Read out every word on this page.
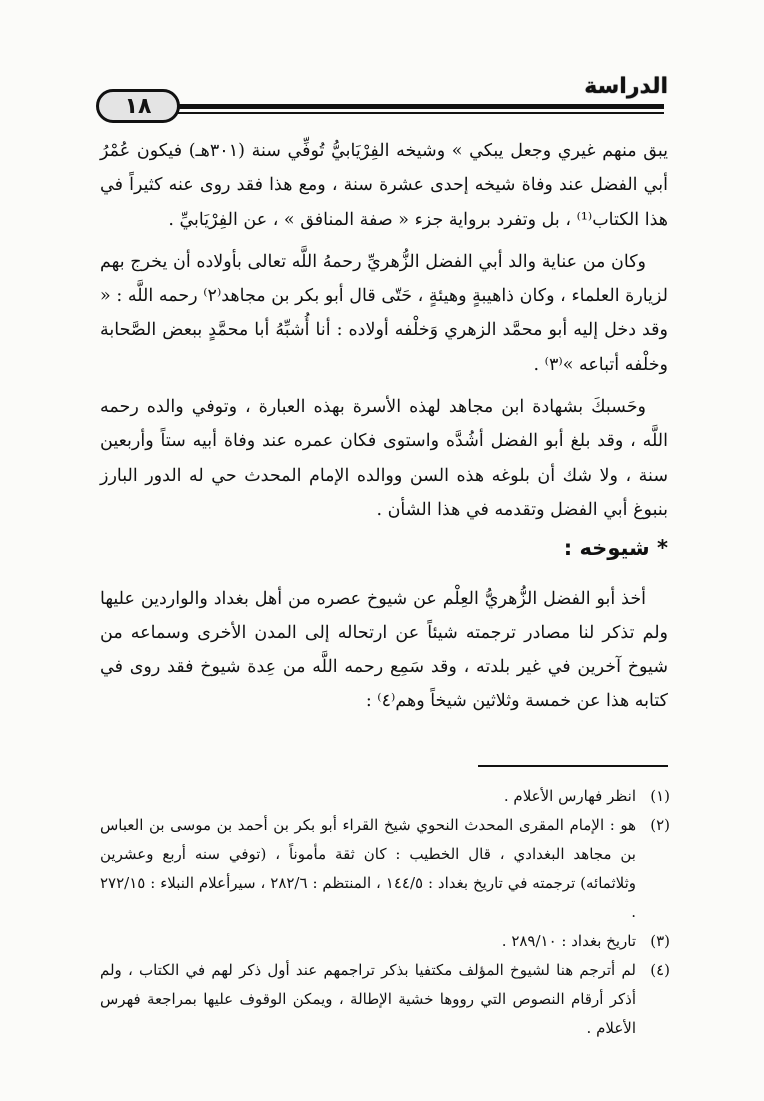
١٨
الدراسة

يبق منهم غيري وجعل يبكي » وشيخه الفِرْيَابيُّ تُوفِّي سنة (٣٠١هـ) فيكون عُمْرُ أبي الفضل عند وفاة شيخه إحدى عشرة سنة ، ومع هذا فقد روى عنه كثيراً في هذا الكتاب⁽¹⁾ ، بل وتفرد برواية جزء « صفة المنافق » ، عن الفِرْيَابيِّ .

وكان من عناية والد أبي الفضل الزُّهريِّ رحمهُ اللَّه تعالى بأولاده أن يخرج بهم لزيارة العلماء ، وكان ذاهيبةٍ وهيئةٍ ، حَتّى قال أبو بكر بن مجاهد⁽٢⁾ رحمه اللَّه : « وقد دخل إليه أبو محمَّد الزهري وَخلْفه أولاده : أنا أُشبِّهُ أبا محمَّدٍ ببعض الصَّحابة وخلْفه أتباعه »⁽٣⁾ .

وحَسبكَ بشهادة ابن مجاهد لهذه الأسرة بهذه العبارة ، وتوفي والده رحمه اللَّه ، وقد بلغ أبو الفضل أشُدَّه واستوى فكان عمره عند وفاة أبيه ستاً وأربعين سنة ، ولا شك أن بلوغه هذه السن ووالده الإمام المحدث حي له الدور البارز بنبوغ أبي الفضل وتقدمه في هذا الشأن .

* شيوخه :

أخذ أبو الفضل الزُّهريُّ العِلْم عن شيوخ عصره من أهل بغداد والواردين عليها ولم تذكر لنا مصادر ترجمته شيئاً عن ارتحاله إلى المدن الأخرى وسماعه من شيوخ آخرين في غير بلدته ، وقد سَمِع رحمه اللَّه من عِدة شيوخ فقد روى في كتابه هذا عن خمسة وثلاثين شيخاً وهم⁽٤⁾ :

(١)
انظر فهارس الأعلام .
(٢)
هو : الإمام المقرى المحدث النحوي شيخ القراء أبو بكر بن أحمد بن موسى بن العباس بن مجاهد البغدادي ، قال الخطيب : كان ثقة مأموناً ، (توفي سنه أربع وعشرين وثلاثمائه) ترجمته في تاريخ بغداد : ١٤٤/٥ ، المنتظم : ٢٨٢/٦ ، سيرأعلام النبلاء : ٢٧٢/١٥ .
(٣)
تاريخ بغداد : ٢٨٩/١٠ .
(٤)
لم أترجم هنا لشيوخ المؤلف مكتفيا بذكر تراجمهم عند أول ذكر لهم في الكتاب ، ولم أذكر أرقام النصوص التي رووها خشية الإطالة ، ويمكن الوقوف عليها بمراجعة فهرس الأعلام .
